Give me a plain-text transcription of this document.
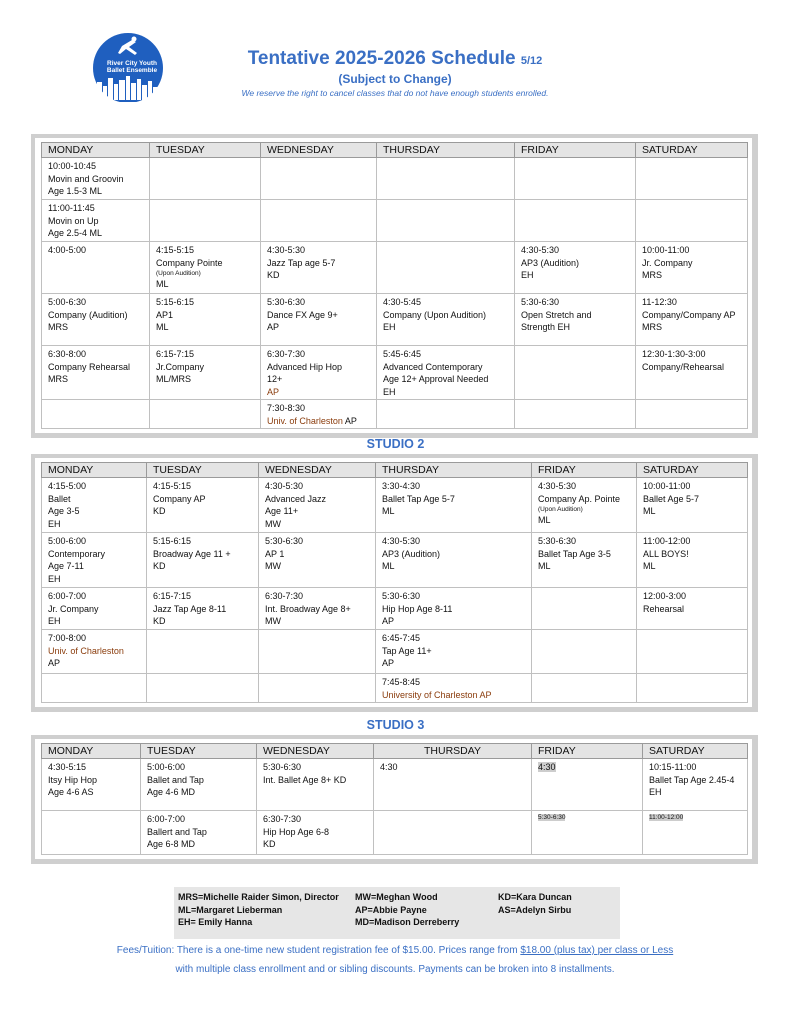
River City Youth
Ballet Ensemble
Tentative 2025-2026 Schedule 5/12
(Subject to Change)
We reserve the right to cancel classes that do not have enough students enrolled.
MONDAY	TUESDAY	WEDNESDAY	THURSDAY	FRIDAY	SATURDAY

10:00-10:45
Movin and Groovin
Age 1.5-3 ML					

11:00-11:45
Movin on Up
Age 2.5-4 ML					

4:00-5:00	4:15-5:15
Company Pointe
(Upon Audition)
ML	4:30-5:30
Jazz Tap age 5-7
KD		4:30-5:30
AP3 (Audition)
EH	10:00-11:00
Jr. Company
MRS

5:00-6:30
Company (Audition)
MRS	5:15-6:15
AP1
ML	5:30-6:30
Dance FX Age 9+
AP	4:30-5:45
Company (Upon Audition)
EH	5:30-6:30
Open Stretch and
Strength EH	11-12:30
Company/Company AP
MRS

6:30-8:00
Company Rehearsal
MRS	6:15-7:15
Jr.Company
ML/MRS	6:30-7:30
Advanced Hip Hop
12+
AP	5:45-6:45
Advanced Contemporary
Age 12+ Approval Needed
EH		12:30-1:30-3:00
Company/Rehearsal

		7:30-8:30
Univ. of Charleston AP			

STUDIO 2
MONDAY	TUESDAY	WEDNESDAY	THURSDAY	FRIDAY	SATURDAY

4:15-5:00
Ballet
Age 3-5
EH	4:15-5:15
Company AP
KD	4:30-5:30
Advanced Jazz
Age 11+
MW	3:30-4:30
Ballet Tap Age 5-7
ML	4:30-5:30
Company Ap. Pointe
(Upon Audition)
ML	10:00-11:00
Ballet Age 5-7
ML

5:00-6:00
Contemporary
Age 7-11
EH	5:15-6:15
Broadway Age 11 +
KD	5:30-6:30
AP 1
MW	4:30-5:30
AP3 (Audition)
ML	5:30-6:30
Ballet Tap Age 3-5
ML	11:00-12:00
ALL BOYS!
ML

6:00-7:00
Jr. Company
EH	6:15-7:15
Jazz Tap Age 8-11
KD	6:30-7:30
Int. Broadway Age 8+
MW	5:30-6:30
Hip Hop Age 8-11
AP		12:00-3:00
Rehearsal

7:00-8:00
Univ. of Charleston
AP			6:45-7:45
Tap Age 11+
AP		

			7:45-8:45
University of Charleston AP		

STUDIO 3
MONDAY	TUESDAY	WEDNESDAY	THURSDAY	FRIDAY	SATURDAY

4:30-5:15
Itsy Hip Hop
Age 4-6 AS	5:00-6:00
Ballet and Tap
Age 4-6 MD	5:30-6:30
Int. Ballet Age 8+ KD	4:30	4:30	10:15-11:00
Ballet Tap Age 2.45-4
EH

	6:00-7:00
Ballert and Tap
Age 6-8 MD	6:30-7:30
Hip Hop Age 6-8
KD		5:30-6:30	11:00-12:00
MRS=Michelle Raider Simon, Director
ML=Margaret Lieberman
EH= Emily Hanna
MW=Meghan Wood
AP=Abbie Payne
MD=Madison Derreberry
KD=Kara Duncan
AS=Adelyn Sirbu
Fees/Tuition: There is a one-time new student registration fee of $15.00. Prices range from $18.00 (plus tax) per class or Less
with multiple class enrollment and or sibling discounts. Payments can be broken into 8 installments.
